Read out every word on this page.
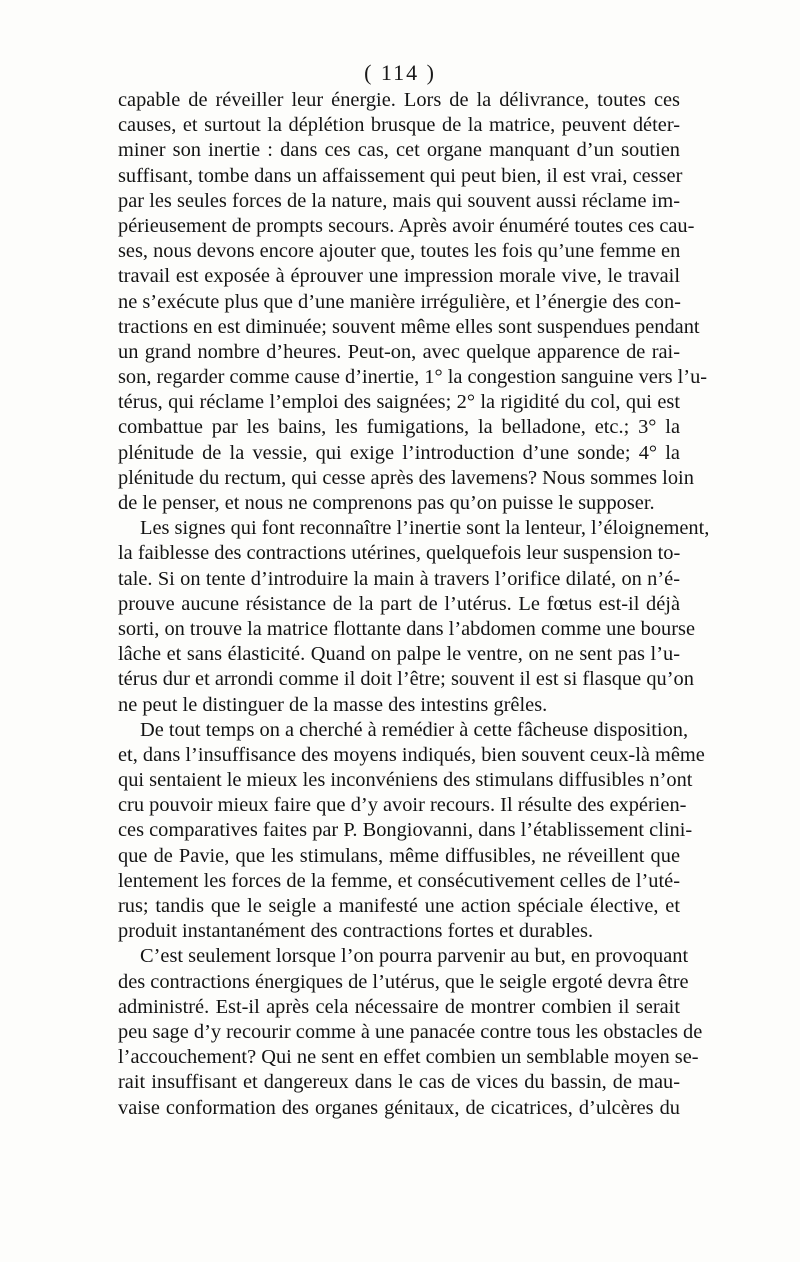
( 114 )
capable de réveiller leur énergie. Lors de la délivrance, toutes ces
causes, et surtout la déplétion brusque de la matrice, peuvent déter-
miner son inertie : dans ces cas, cet organe manquant d’un soutien
suffisant, tombe dans un affaissement qui peut bien, il est vrai, cesser
par les seules forces de la nature, mais qui souvent aussi réclame im-
périeusement de prompts secours. Après avoir énuméré toutes ces cau-
ses, nous devons encore ajouter que, toutes les fois qu’une femme en
travail est exposée à éprouver une impression morale vive, le travail
ne s’exécute plus que d’une manière irrégulière, et l’énergie des con-
tractions en est diminuée; souvent même elles sont suspendues pendant
un grand nombre d’heures. Peut-on, avec quelque apparence de rai-
son, regarder comme cause d’inertie, 1° la congestion sanguine vers l’u-
térus, qui réclame l’emploi des saignées; 2° la rigidité du col, qui est
combattue par les bains, les fumigations, la belladone, etc.; 3° la
plénitude de la vessie, qui exige l’introduction d’une sonde; 4° la
plénitude du rectum, qui cesse après des lavemens? Nous sommes loin
de le penser, et nous ne comprenons pas qu’on puisse le supposer.
Les signes qui font reconnaître l’inertie sont la lenteur, l’éloignement,
la faiblesse des contractions utérines, quelquefois leur suspension to-
tale. Si on tente d’introduire la main à travers l’orifice dilaté, on n’é-
prouve aucune résistance de la part de l’utérus. Le fœtus est-il déjà
sorti, on trouve la matrice flottante dans l’abdomen comme une bourse
lâche et sans élasticité. Quand on palpe le ventre, on ne sent pas l’u-
térus dur et arrondi comme il doit l’être; souvent il est si flasque qu’on
ne peut le distinguer de la masse des intestins grêles.
De tout temps on a cherché à remédier à cette fâcheuse disposition,
et, dans l’insuffisance des moyens indiqués, bien souvent ceux-là même
qui sentaient le mieux les inconvéniens des stimulans diffusibles n’ont
cru pouvoir mieux faire que d’y avoir recours. Il résulte des expérien-
ces comparatives faites par P. Bongiovanni, dans l’établissement clini-
que de Pavie, que les stimulans, même diffusibles, ne réveillent que
lentement les forces de la femme, et consécutivement celles de l’uté-
rus; tandis que le seigle a manifesté une action spéciale élective, et
produit instantanément des contractions fortes et durables.
C’est seulement lorsque l’on pourra parvenir au but, en provoquant
des contractions énergiques de l’utérus, que le seigle ergoté devra être
administré. Est-il après cela nécessaire de montrer combien il serait
peu sage d’y recourir comme à une panacée contre tous les obstacles de
l’accouchement? Qui ne sent en effet combien un semblable moyen se-
rait insuffisant et dangereux dans le cas de vices du bassin, de mau-
vaise conformation des organes génitaux, de cicatrices, d’ulcères du
